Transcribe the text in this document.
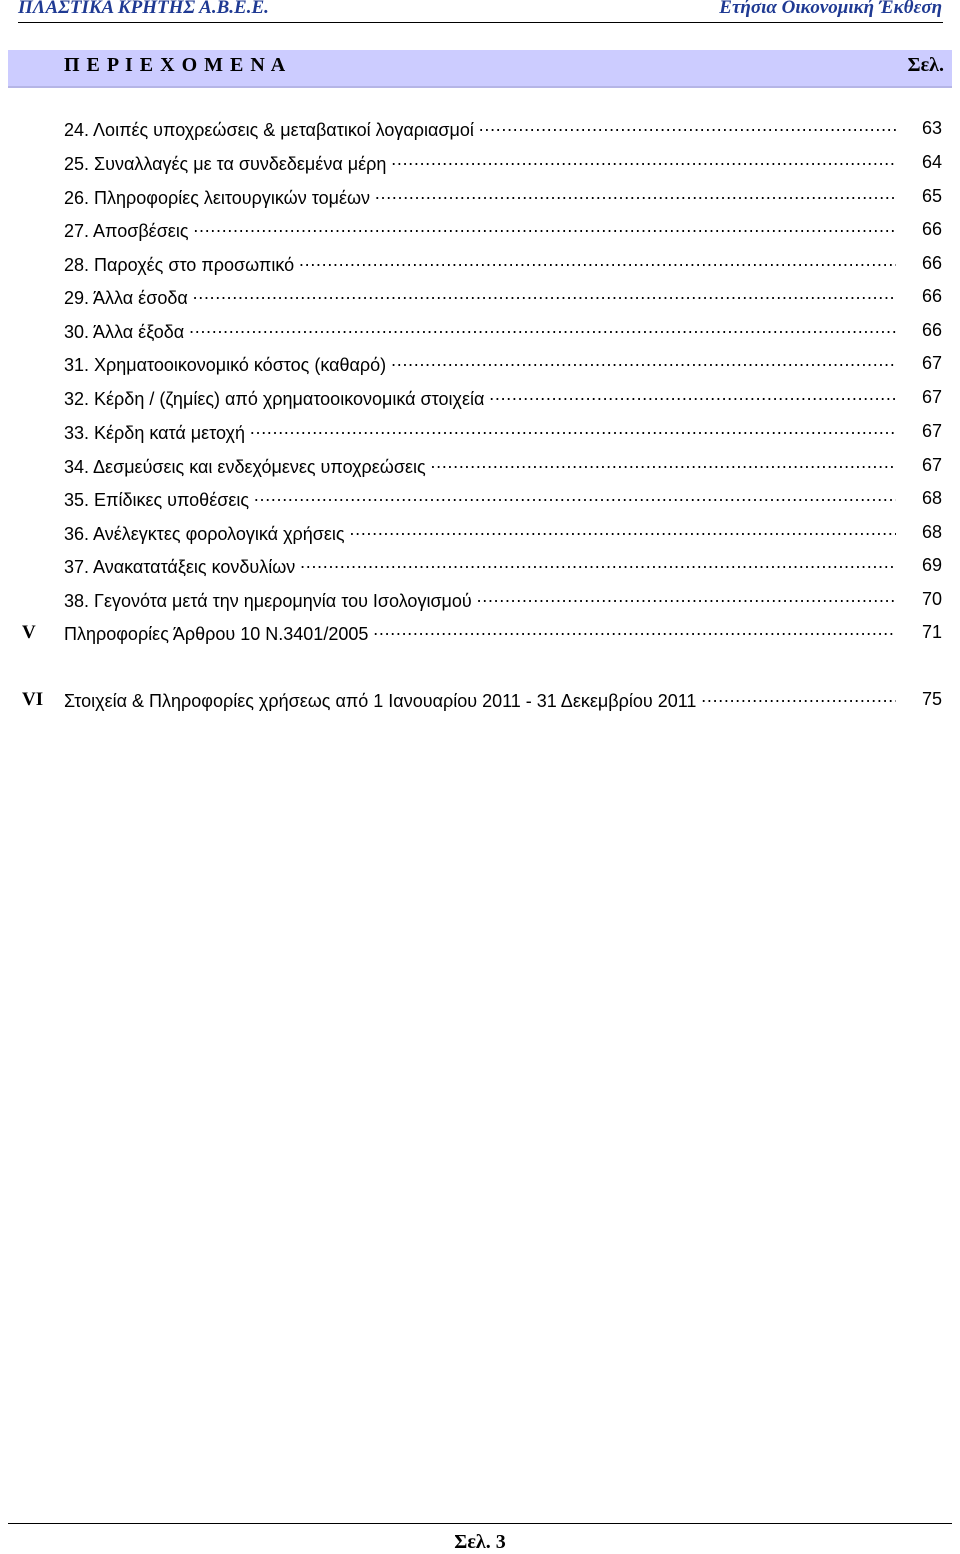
ΠΛΑΣΤΙΚΑ ΚΡΗΤΗΣ Α.Β.Ε.Ε.	Ετήσια Οικονομική Έκθεση
Π Ε Ρ Ι Ε Χ Ο Μ Ε Ν Α	Σελ.
24. Λοιπές υποχρεώσεις & μεταβατικοί λογαριασμοί ……………………………………………………………………………………………………………………………………………………………………………………	63
25. Συναλλαγές με τα συνδεδεμένα μέρη ……………………………………………………………………………………………………………………………………………………………………………………	64
26. Πληροφορίες λειτουργικών τομέων ……………………………………………………………………………………………………………………………………………………………………………………	65
27. Αποσβέσεις ……………………………………………………………………………………………………………………………………………………………………………………	66
28. Παροχές στο προσωπικό ……………………………………………………………………………………………………………………………………………………………………………………	66
29. Άλλα έσοδα ……………………………………………………………………………………………………………………………………………………………………………………	66
30. Άλλα έξοδα ……………………………………………………………………………………………………………………………………………………………………………………	66
31. Χρηματοοικονομικό κόστος (καθαρό) ……………………………………………………………………………………………………………………………………………………………………………………	67
32. Κέρδη / (ζημίες) από χρηματοοικονομικά στοιχεία ……………………………………………………………………………………………………………………………………………………………………………………	67
33. Κέρδη κατά μετοχή ……………………………………………………………………………………………………………………………………………………………………………………	67
34. Δεσμεύσεις και ενδεχόμενες υποχρεώσεις ……………………………………………………………………………………………………………………………………………………………………………………	67
35. Επίδικες υποθέσεις ……………………………………………………………………………………………………………………………………………………………………………………	68
36. Ανέλεγκτες φορολογικά χρήσεις ……………………………………………………………………………………………………………………………………………………………………………………	68
37. Ανακατατάξεις κονδυλίων ……………………………………………………………………………………………………………………………………………………………………………………	69
38. Γεγονότα μετά την ημερομηνία του Ισολογισμού ……………………………………………………………………………………………………………………………………………………………………………………	70
V Πληροφορίες Άρθρου 10 Ν.3401/2005 ……………………………………………………………………………………………………………………………………………………………………………………	71
VI Στοιχεία & Πληροφορίες χρήσεως από 1 Ιανουαρίου 2011 - 31 Δεκεμβρίου 2011 ……………………………………………………………………………………………………………………………………………………………………………………	75
Σελ. 3
